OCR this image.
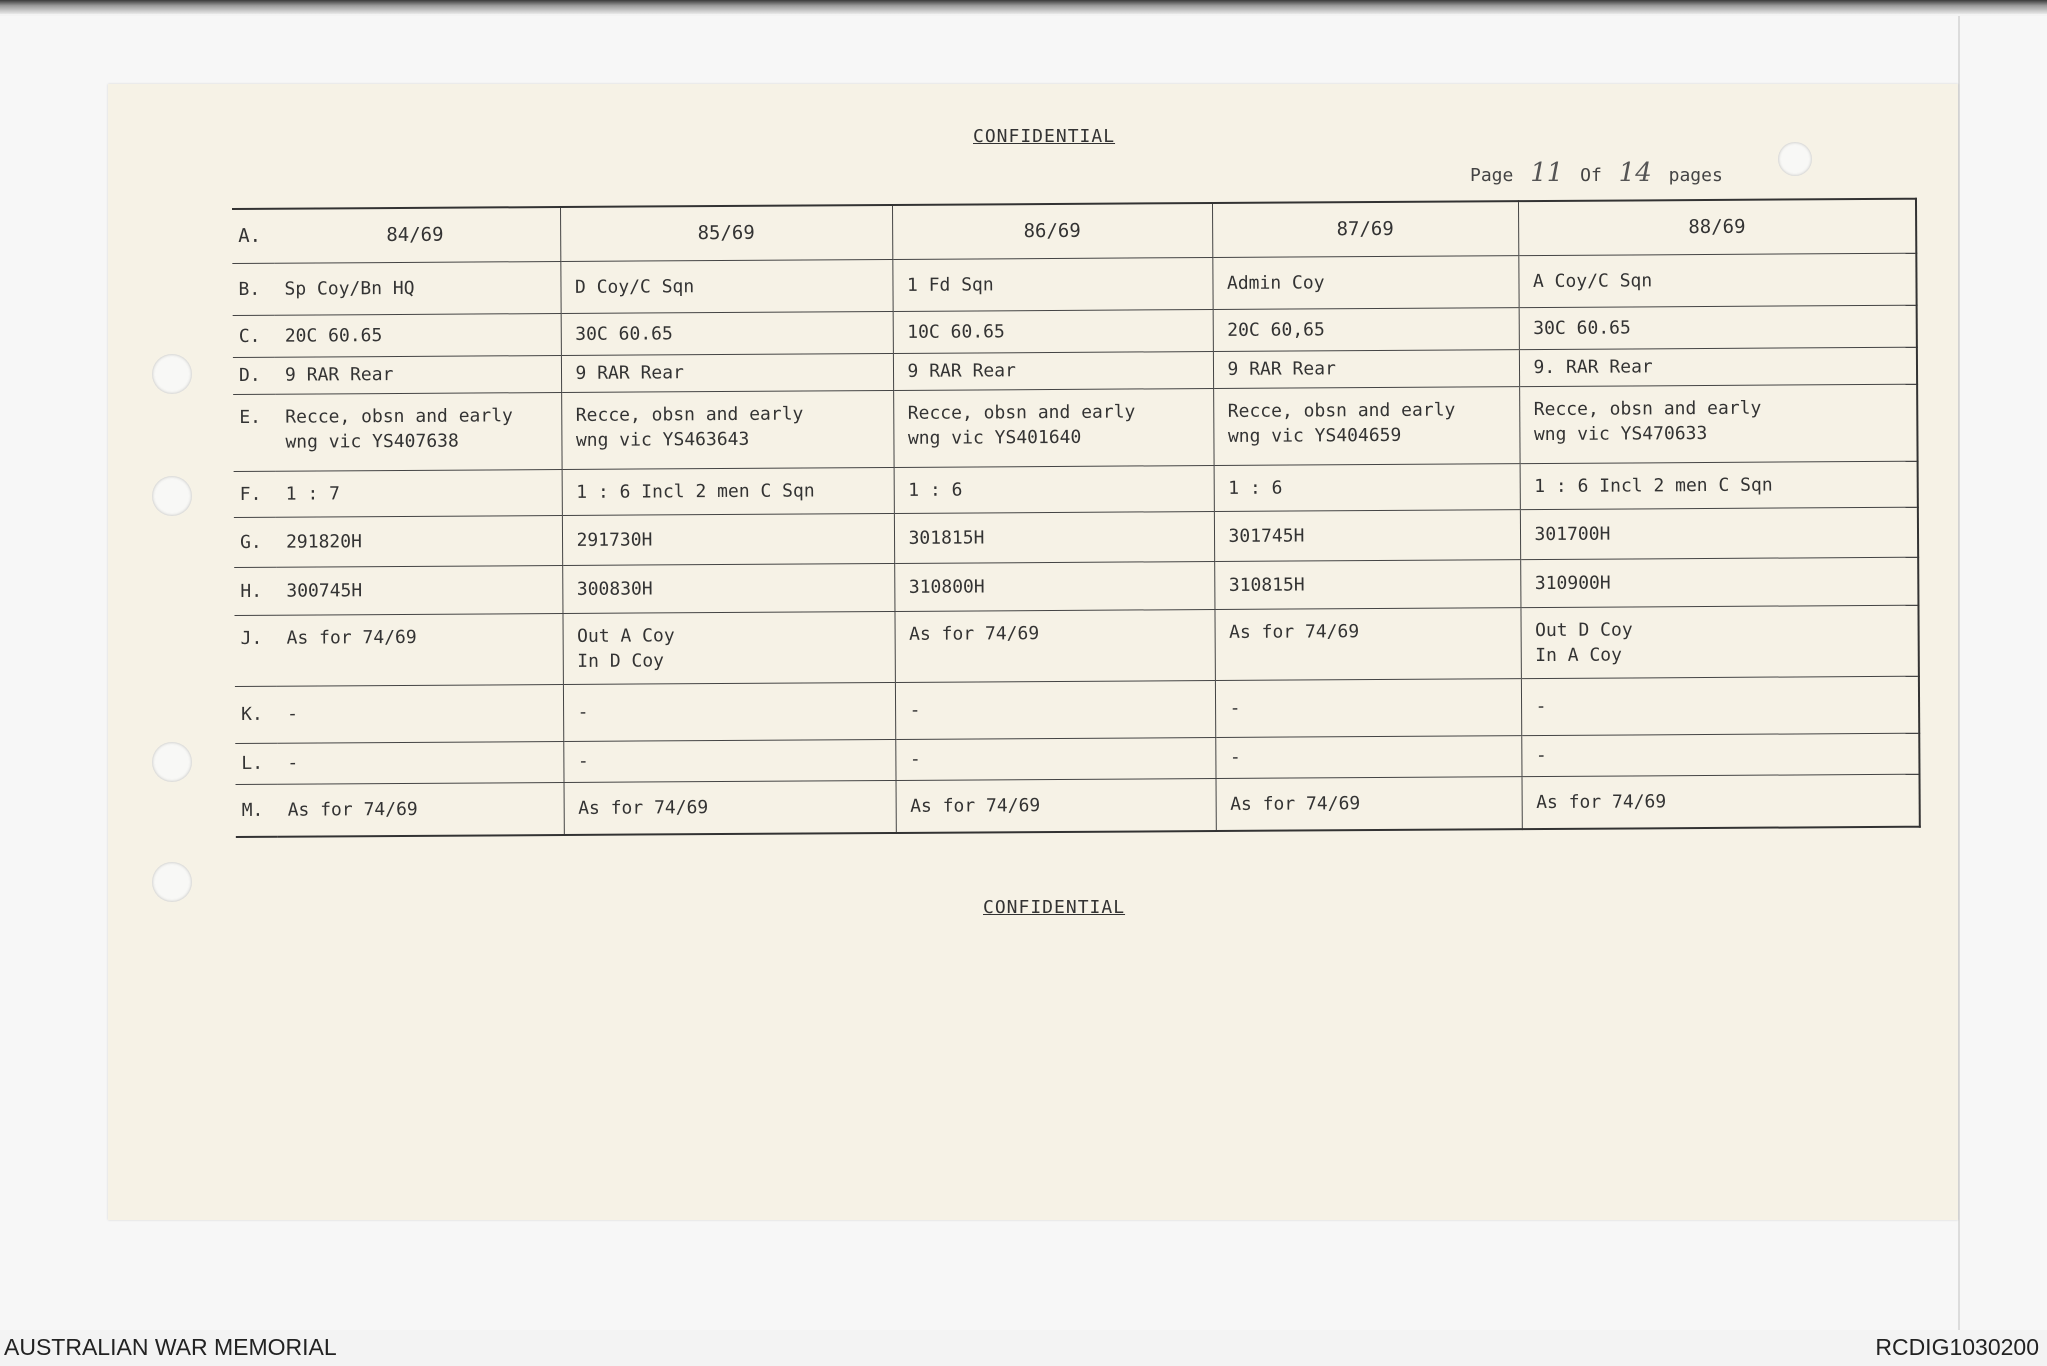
CONFIDENTIAL
Page 11 Of 14 pages
A.	84/69	85/69	86/69	87/69	88/69
B.	Sp Coy/Bn HQ	D Coy/C Sqn	1 Fd Sqn	Admin Coy	A Coy/C Sqn
C.	20C 60.65	30C 60.65	10C 60.65	20C 60,65	30C 60.65
D.	9 RAR Rear	9 RAR Rear	9 RAR Rear	9 RAR Rear	9. RAR Rear
E.	Recce, obsn and early
wng vic YS407638	Recce, obsn and early
wng vic YS463643	Recce, obsn and early
wng vic YS401640	Recce, obsn and early
wng vic YS404659	Recce, obsn and early
wng vic YS470633
F.	1 : 7	1 : 6 Incl 2 men C Sqn	1 : 6	1 : 6	1 : 6 Incl 2 men C Sqn
G.	291820H	291730H	301815H	301745H	301700H
H.	300745H	300830H	310800H	310815H	310900H
J.	As for 74/69	Out A Coy
In D Coy	As for 74/69	As for 74/69	Out D Coy
In A Coy
K.	-	-	-	-	-
L.	-	-	-	-	-
M.	As for 74/69	As for 74/69	As for 74/69	As for 74/69	As for 74/69
CONFIDENTIAL
AUSTRALIAN WAR MEMORIAL	RCDIG1030200
